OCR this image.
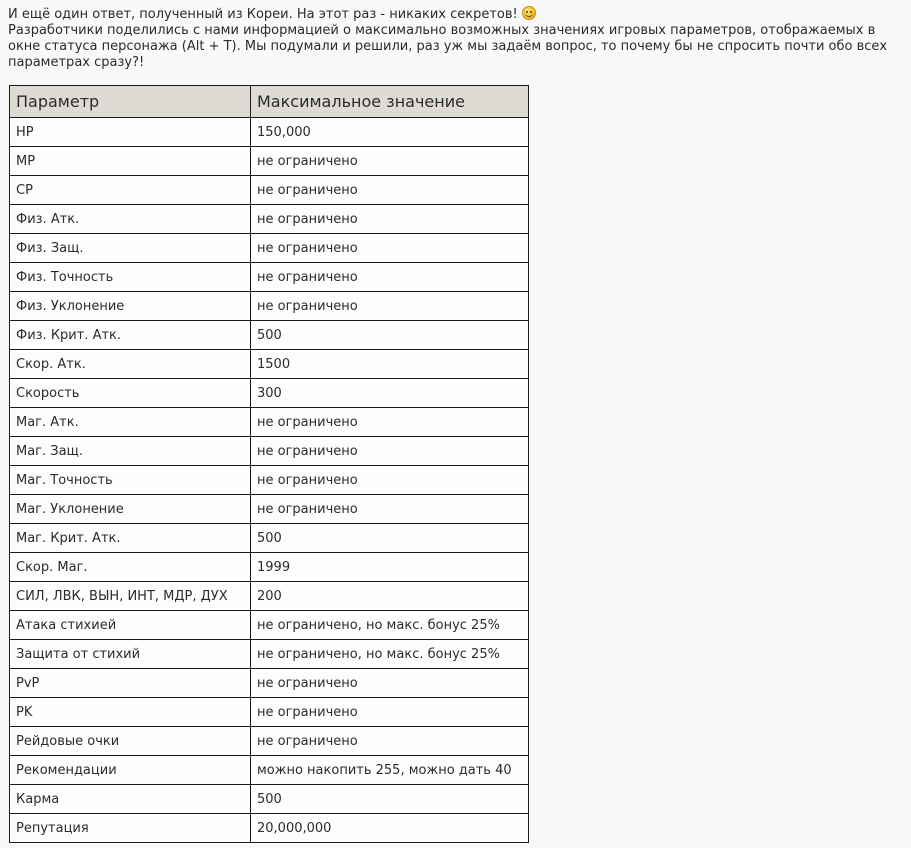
И ещё один ответ, полученный из Кореи. На этот раз - никаких секретов!

Разработчики поделились с нами информацией о максимально возможных значениях игровых параметров, отображаемых в окне статуса персонажа (Alt + T). Мы подумали и решили, раз уж мы задаём вопрос, то почему бы не спросить почти обо всех параметрах сразу?!

Параметр	Максимальное значение
HP	150,000
MP	не ограничено
CP	не ограничено
Физ. Атк.	не ограничено
Физ. Защ.	не ограничено
Физ. Точность	не ограничено
Физ. Уклонение	не ограничено
Физ. Крит. Атк.	500
Скор. Атк.	1500
Скорость	300
Маг. Атк.	не ограничено
Маг. Защ.	не ограничено
Маг. Точность	не ограничено
Маг. Уклонение	не ограничено
Маг. Крит. Атк.	500
Скор. Маг.	1999
СИЛ, ЛВК, ВЫН, ИНТ, МДР, ДУХ	200
Атака стихией	не ограничено, но макс. бонус 25%
Защита от стихий	не ограничено, но макс. бонус 25%
PvP	не ограничено
PK	не ограничено
Рейдовые очки	не ограничено
Рекомендации	можно накопить 255, можно дать 40
Карма	500
Репутация	20,000,000
